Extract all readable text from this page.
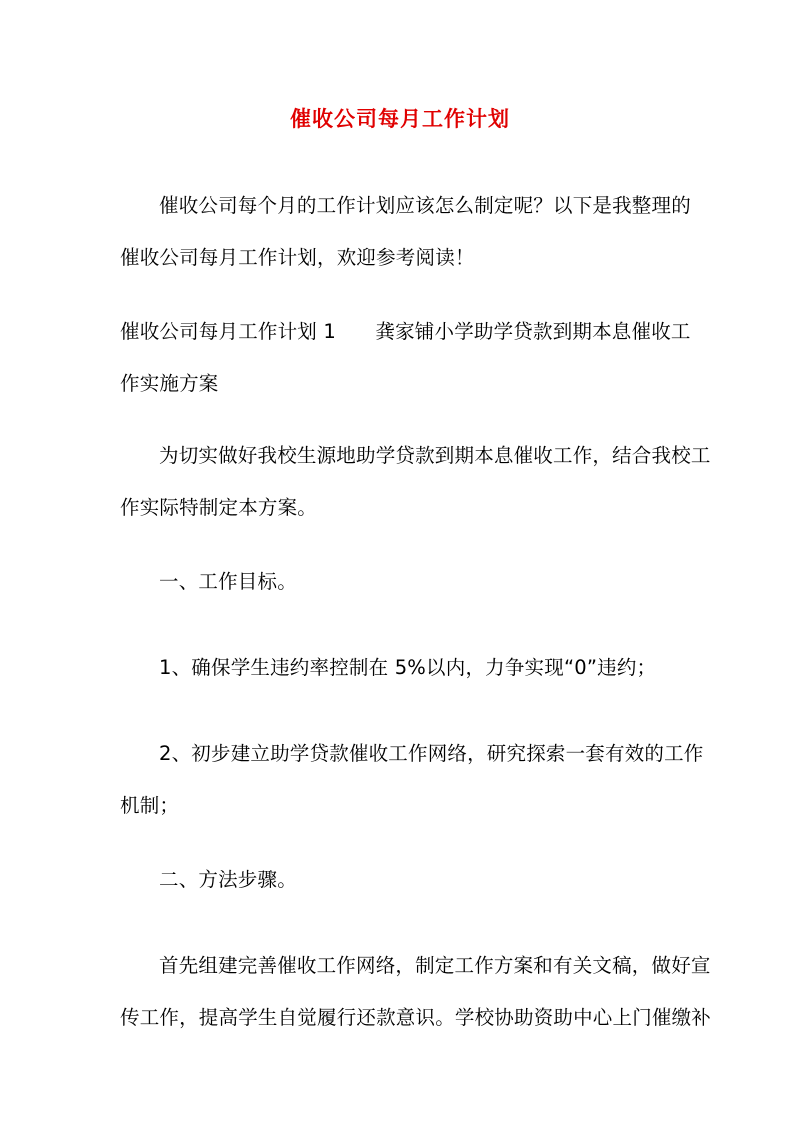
催收公司每月工作计划
催收公司每个月的工作计划应该怎么制定呢？以下是我整理的
催收公司每月工作计划，欢迎参考阅读！
催收公司每月工作计划 1　　龚家铺小学助学贷款到期本息催收工
作实施方案
为切实做好我校生源地助学贷款到期本息催收工作，结合我校工
作实际特制定本方案。
一、工作目标。
1、确保学生违约率控制在 5%以内，力争实现“0”违约；
2、初步建立助学贷款催收工作网络，研究探索一套有效的工作
机制；
二、方法步骤。
首先组建完善催收工作网络，制定工作方案和有关文稿，做好宣
传工作，提高学生自觉履行还款意识。学校协助资助中心上门催缴补
